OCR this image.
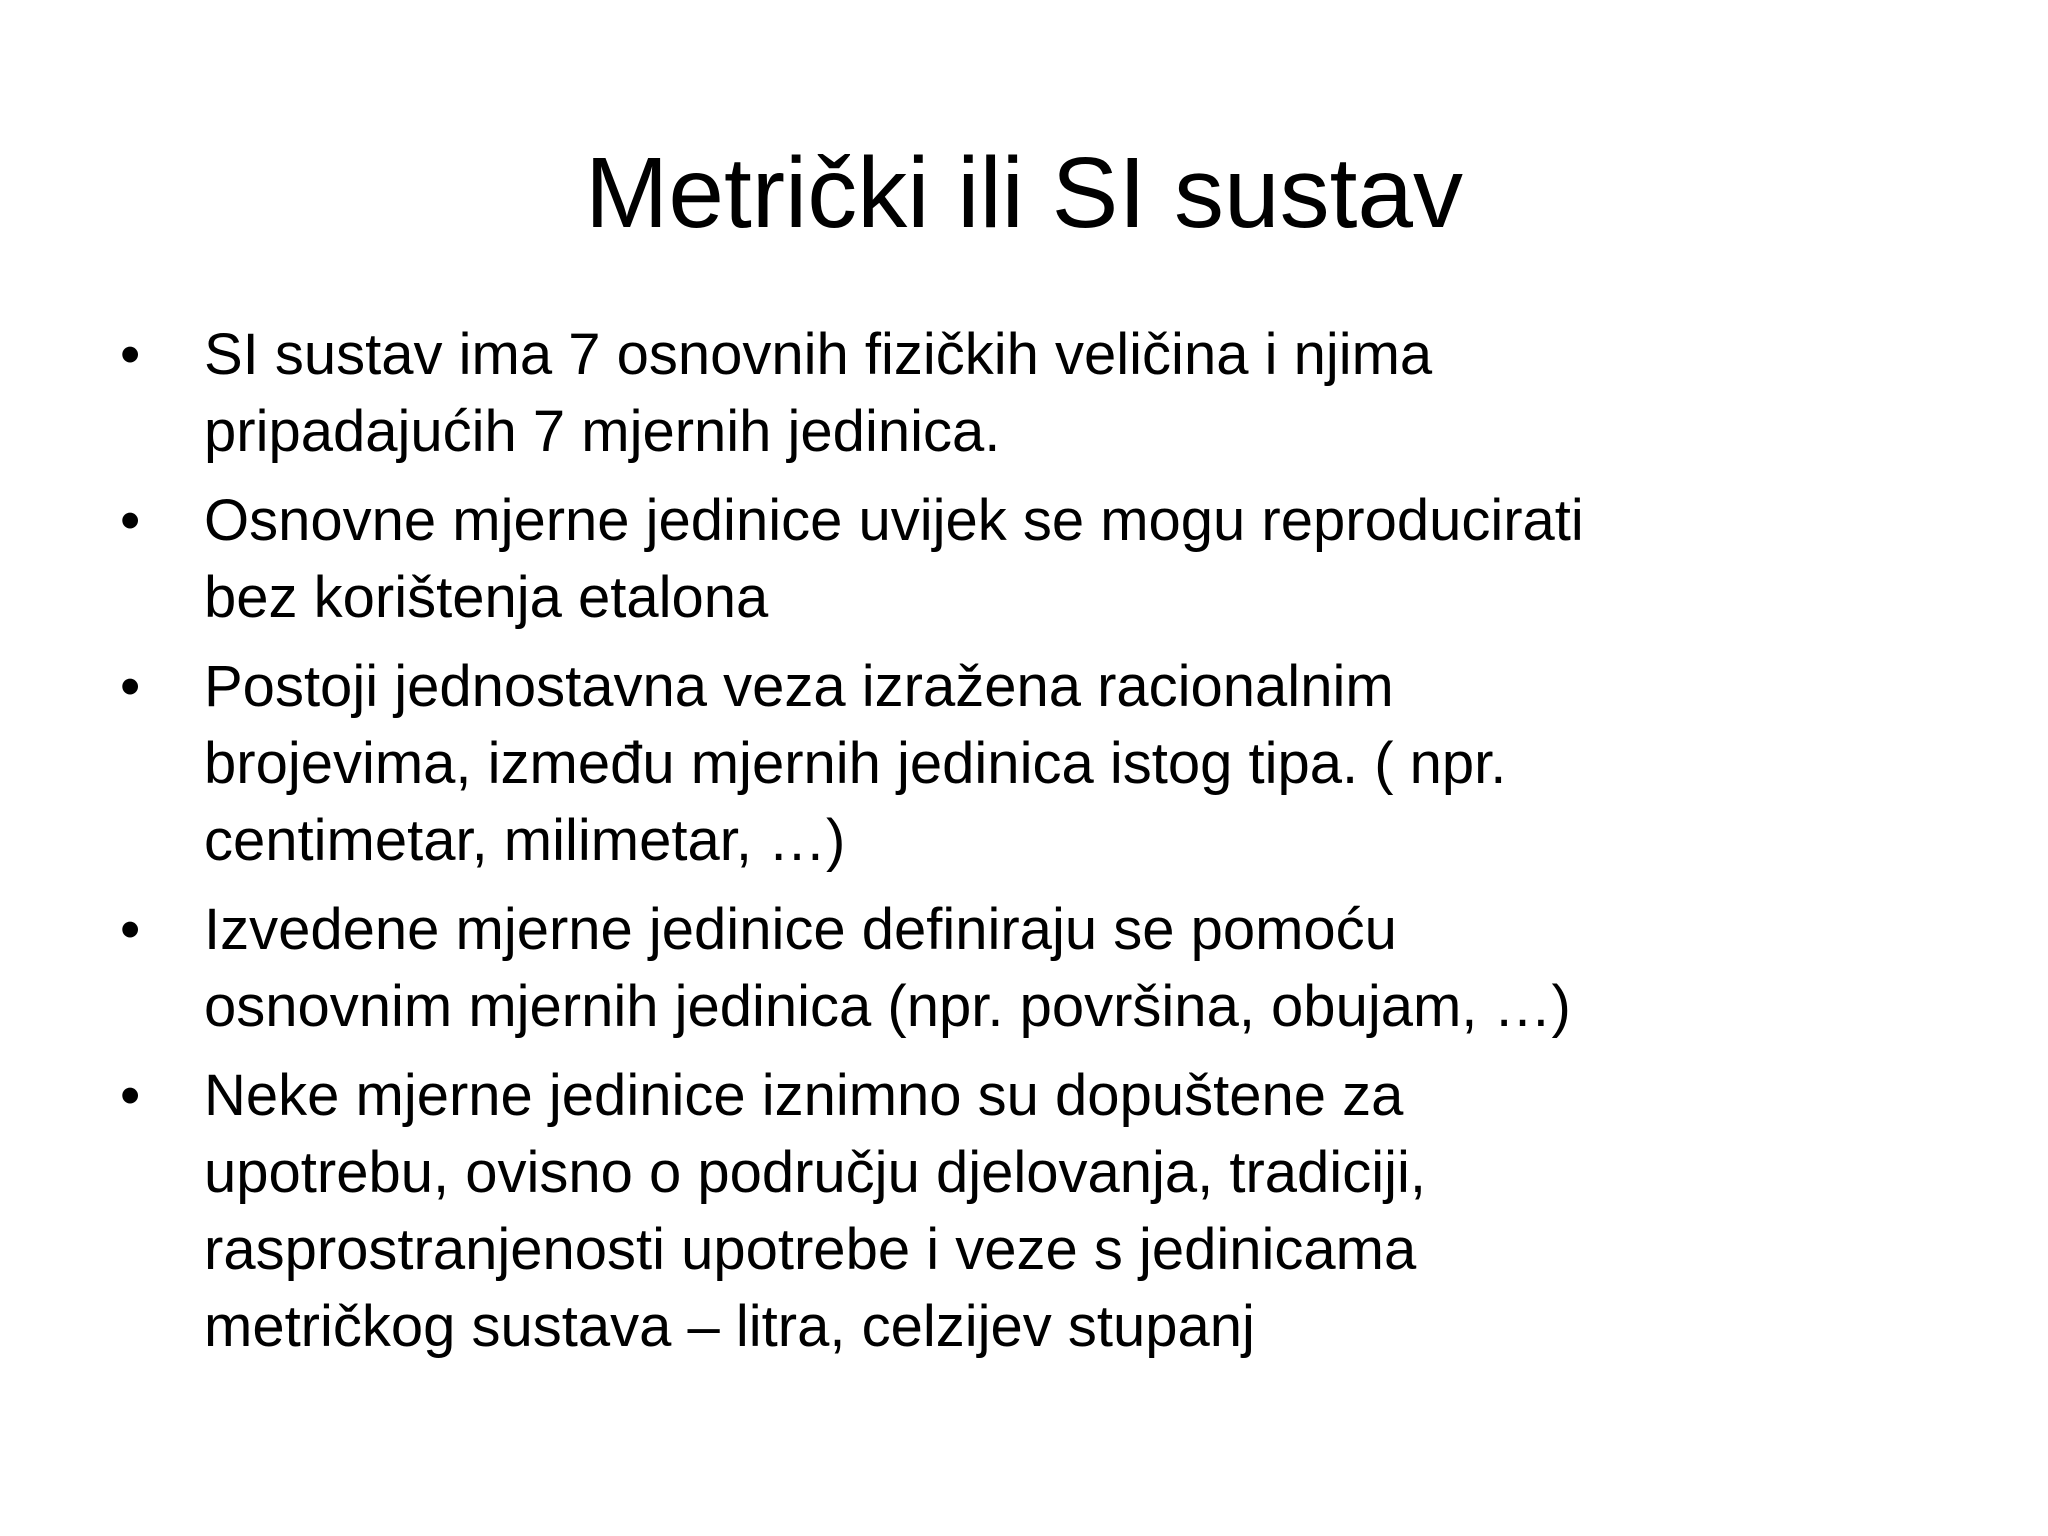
Metrički ili SI sustav
•	SI sustav ima 7 osnovnih fizičkih veličina i njima
pripadajućih 7 mjernih jedinica.
•	Osnovne mjerne jedinice uvijek se mogu reproducirati
bez korištenja etalona
•	Postoji jednostavna veza izražena racionalnim
brojevima, između mjernih jedinica istog tipa. ( npr.
centimetar, milimetar, …)
•	Izvedene mjerne jedinice definiraju se pomoću
osnovnim mjernih jedinica (npr. površina, obujam, …)
•	Neke mjerne jedinice iznimno su dopuštene za
upotrebu, ovisno o području djelovanja, tradiciji,
rasprostranjenosti upotrebe i veze s jedinicama
metričkog sustava – litra, celzijev stupanj
